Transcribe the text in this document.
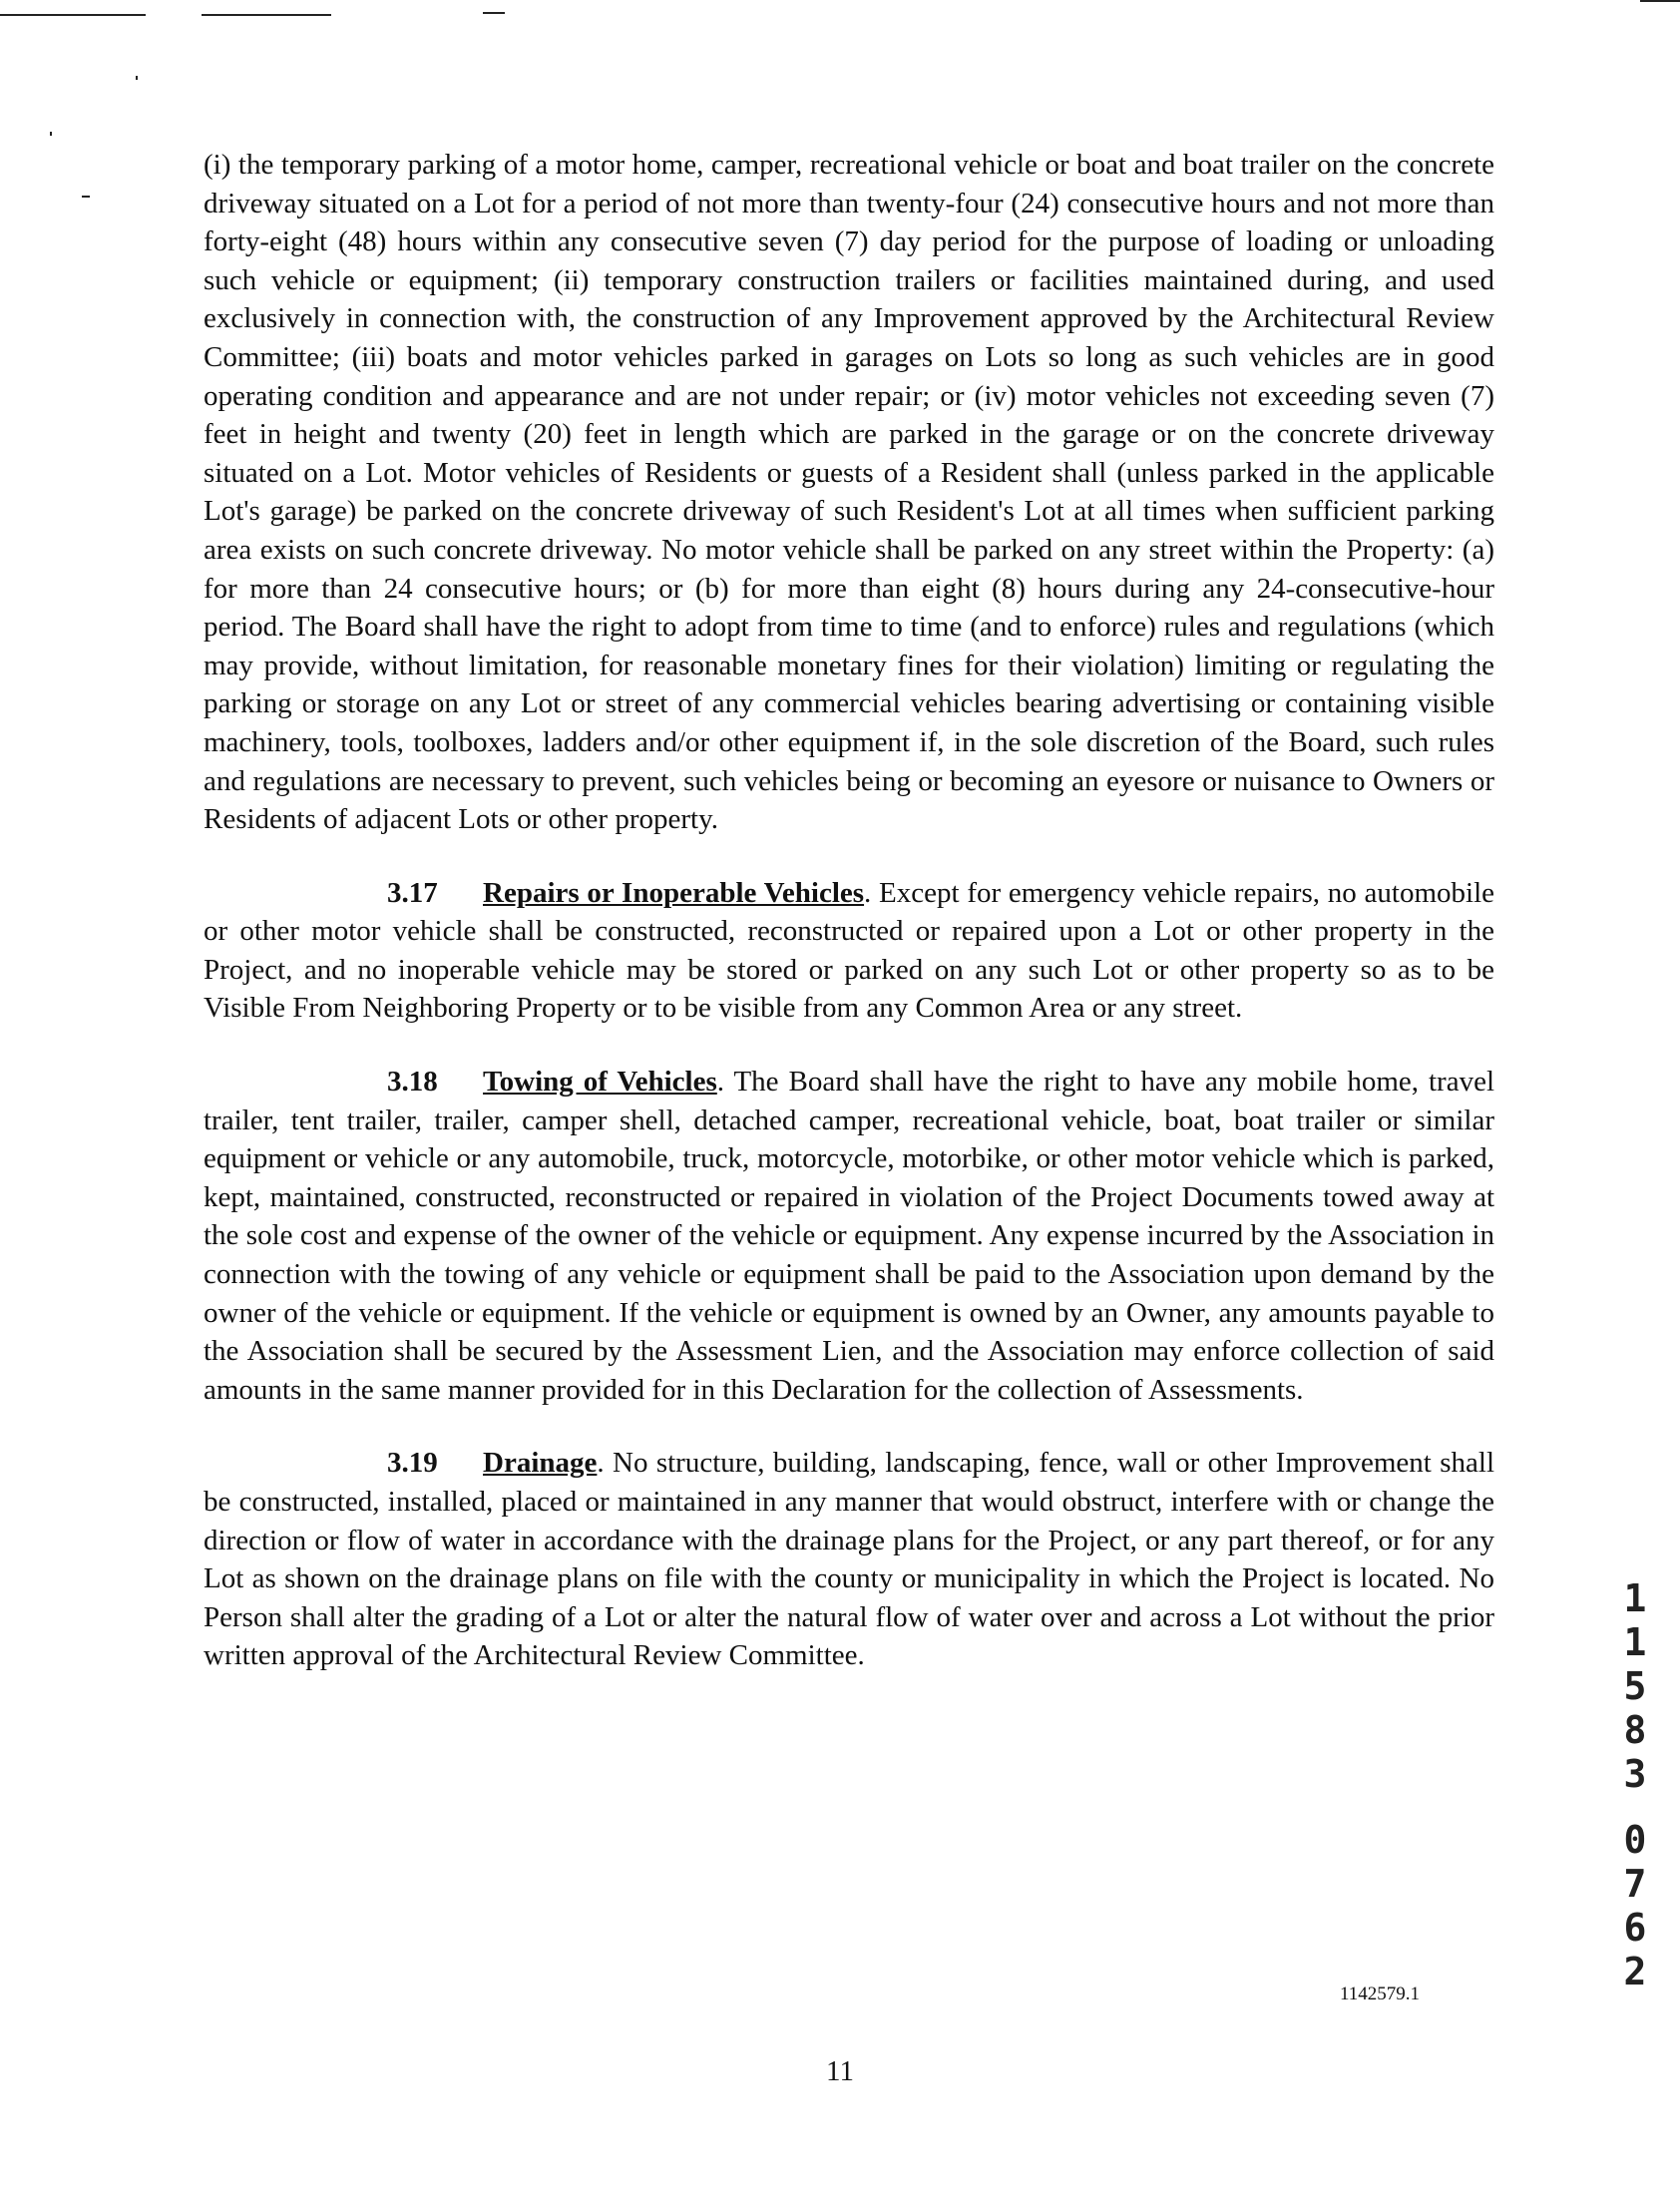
(i) the temporary parking of a motor home, camper, recreational vehicle or boat and boat trailer on the concrete driveway situated on a Lot for a period of not more than twenty-four (24) consecutive hours and not more than forty-eight (48) hours within any consecutive seven (7) day period for the purpose of loading or unloading such vehicle or equipment; (ii) temporary construction trailers or facilities maintained during, and used exclusively in connection with, the construction of any Improvement approved by the Architectural Review Committee; (iii) boats and motor vehicles parked in garages on Lots so long as such vehicles are in good operating condition and appearance and are not under repair; or (iv) motor vehicles not exceeding seven (7) feet in height and twenty (20) feet in length which are parked in the garage or on the concrete driveway situated on a Lot. Motor vehicles of Residents or guests of a Resident shall (unless parked in the applicable Lot's garage) be parked on the concrete driveway of such Resident's Lot at all times when sufficient parking area exists on such concrete driveway. No motor vehicle shall be parked on any street within the Property: (a) for more than 24 consecutive hours; or (b) for more than eight (8) hours during any 24-consecutive-hour period. The Board shall have the right to adopt from time to time (and to enforce) rules and regulations (which may provide, without limitation, for reasonable monetary fines for their violation) limiting or regulating the parking or storage on any Lot or street of any commercial vehicles bearing advertising or containing visible machinery, tools, toolboxes, ladders and/or other equipment if, in the sole discretion of the Board, such rules and regulations are necessary to prevent, such vehicles being or becoming an eyesore or nuisance to Owners or Residents of adjacent Lots or other property.

3.17 Repairs or Inoperable Vehicles. Except for emergency vehicle repairs, no automobile or other motor vehicle shall be constructed, reconstructed or repaired upon a Lot or other property in the Project, and no inoperable vehicle may be stored or parked on any such Lot or other property so as to be Visible From Neighboring Property or to be visible from any Common Area or any street.

3.18 Towing of Vehicles. The Board shall have the right to have any mobile home, travel trailer, tent trailer, trailer, camper shell, detached camper, recreational vehicle, boat, boat trailer or similar equipment or vehicle or any automobile, truck, motorcycle, motorbike, or other motor vehicle which is parked, kept, maintained, constructed, reconstructed or repaired in violation of the Project Documents towed away at the sole cost and expense of the owner of the vehicle or equipment. Any expense incurred by the Association in connection with the towing of any vehicle or equipment shall be paid to the Association upon demand by the owner of the vehicle or equipment. If the vehicle or equipment is owned by an Owner, any amounts payable to the Association shall be secured by the Assessment Lien, and the Association may enforce collection of said amounts in the same manner provided for in this Declaration for the collection of Assessments.

3.19 Drainage. No structure, building, landscaping, fence, wall or other Improvement shall be constructed, installed, placed or maintained in any manner that would obstruct, interfere with or change the direction or flow of water in accordance with the drainage plans for the Project, or any part thereof, or for any Lot as shown on the drainage plans on file with the county or municipality in which the Project is located. No Person shall alter the grading of a Lot or alter the natural flow of water over and across a Lot without the prior written approval of the Architectural Review Committee.

1142579.1
11
1
1
5
8
3
0
7
6
2
